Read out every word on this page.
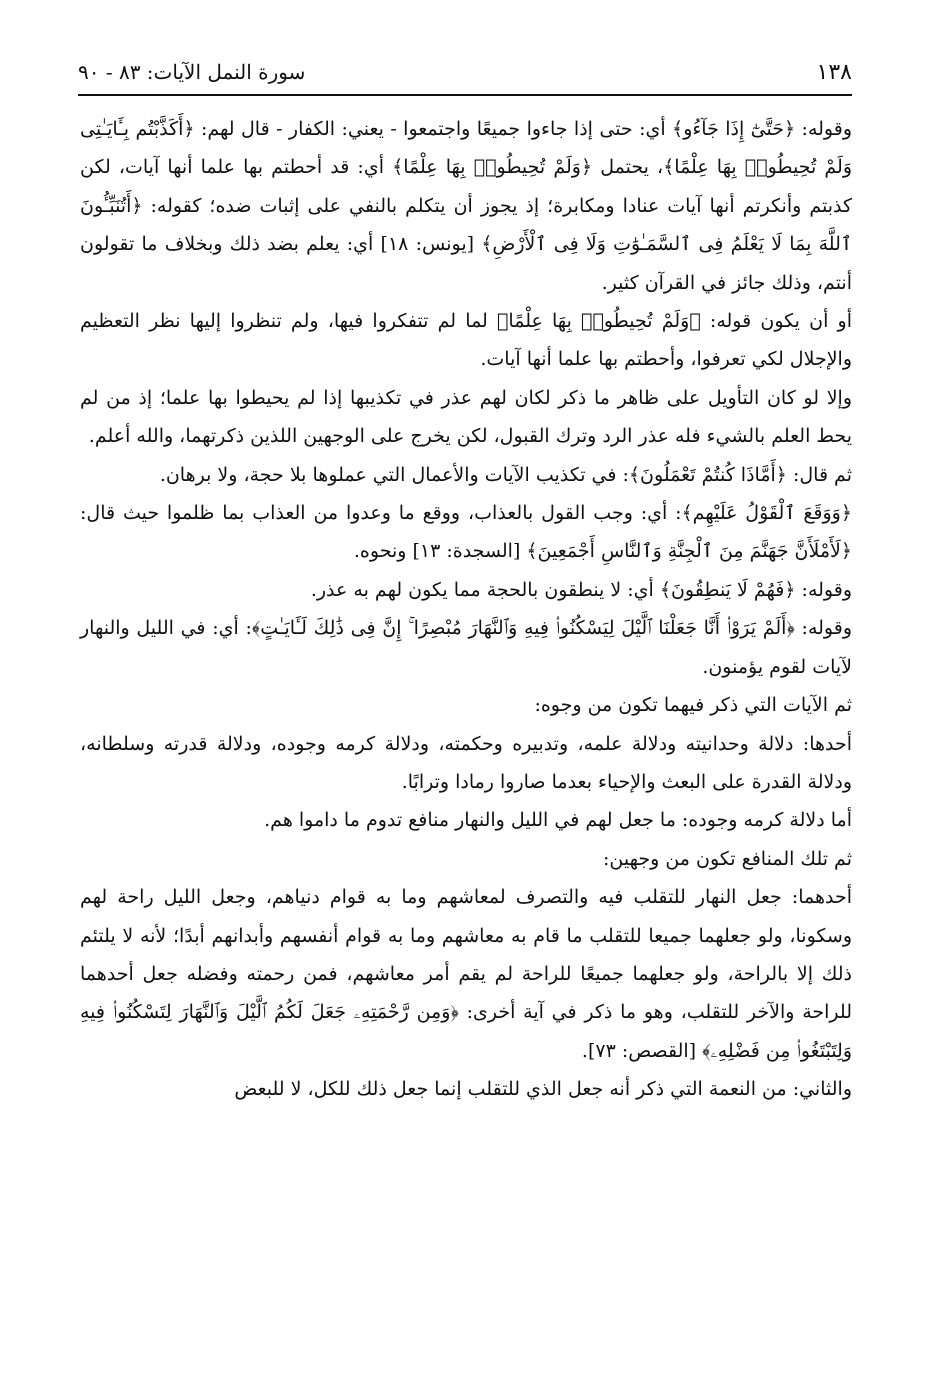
١٣٨
سورة النمل الآيات: ٨٣ - ٩٠

وقوله: ﴿حَتَّىٰٓ إِذَا جَآءُو﴾ أي: حتى إذا جاءوا جميعًا واجتمعوا - يعني: الكفار - قال لهم: ﴿أَكَذَّبْتُم بِـَٔايَـٰتِى وَلَمْ تُحِيطُوا۟ بِهَا عِلْمًا﴾، يحتمل ﴿وَلَمْ تُحِيطُوا۟ بِهَا عِلْمًا﴾ أي: قد أحطتم بها علما أنها آيات، لكن كذبتم وأنكرتم أنها آيات عنادا ومكابرة؛ إذ يجوز أن يتكلم بالنفي على إثبات ضده؛ كقوله: ﴿أَتُنَبِّـُٔونَ ٱللَّهَ بِمَا لَا يَعْلَمُ فِى ٱلسَّمَـٰوَٰتِ وَلَا فِى ٱلْأَرْضِ﴾ [يونس: ١٨] أي: يعلم بضد ذلك وبخلاف ما تقولون أنتم، وذلك جائز في القرآن كثير.

أو أن يكون قوله: ﴿وَلَمْ تُحِيطُوا۟ بِهَا عِلْمًا﴾ لما لم تتفكروا فيها، ولم تنظروا إليها نظر التعظيم والإجلال لكي تعرفوا، وأحطتم بها علما أنها آيات.

وإلا لو كان التأويل على ظاهر ما ذكر لكان لهم عذر في تكذيبها إذا لم يحيطوا بها علما؛ إذ من لم يحط العلم بالشيء فله عذر الرد وترك القبول، لكن يخرج على الوجهين اللذين ذكرتهما، والله أعلم.

ثم قال: ﴿أَمَّاذَا كُنتُمْ تَعْمَلُونَ﴾: في تكذيب الآيات والأعمال التي عملوها بلا حجة، ولا برهان.

﴿وَوَقَعَ ٱلْقَوْلُ عَلَيْهِم﴾: أي: وجب القول بالعذاب، ووقع ما وعدوا من العذاب بما ظلموا حيث قال: ﴿لَأَمْلَأَنَّ جَهَنَّمَ مِنَ ٱلْجِنَّةِ وَٱلنَّاسِ أَجْمَعِينَ﴾ [السجدة: ١٣] ونحوه.

وقوله: ﴿فَهُمْ لَا يَنطِقُونَ﴾ أي: لا ينطقون بالحجة مما يكون لهم به عذر.

وقوله: ﴿أَلَمْ يَرَوْا۟ أَنَّا جَعَلْنَا ٱلَّيْلَ لِيَسْكُنُوا۟ فِيهِ وَٱلنَّهَارَ مُبْصِرًا ۚ إِنَّ فِى ذَٰلِكَ لَـَٔايَـٰتٍ﴾: أي: في الليل والنهار لآيات لقوم يؤمنون.

ثم الآيات التي ذكر فيهما تكون من وجوه:

أحدها: دلالة وحدانيته ودلالة علمه، وتدبيره وحكمته، ودلالة كرمه وجوده، ودلالة قدرته وسلطانه، ودلالة القدرة على البعث والإحياء بعدما صاروا رمادا وترابًا.

أما دلالة كرمه وجوده: ما جعل لهم في الليل والنهار منافع تدوم ما داموا هم.

ثم تلك المنافع تكون من وجهين:

أحدهما: جعل النهار للتقلب فيه والتصرف لمعاشهم وما به قوام دنياهم، وجعل الليل راحة لهم وسكونا، ولو جعلهما جميعا للتقلب ما قام به معاشهم وما به قوام أنفسهم وأبدانهم أبدًا؛ لأنه لا يلتئم ذلك إلا بالراحة، ولو جعلهما جميعًا للراحة لم يقم أمر معاشهم، فمن رحمته وفضله جعل أحدهما للراحة والآخر للتقلب، وهو ما ذكر في آية أخرى: ﴿وَمِن رَّحْمَتِهِۦ جَعَلَ لَكُمُ ٱلَّيْلَ وَٱلنَّهَارَ لِتَسْكُنُوا۟ فِيهِ وَلِتَبْتَغُوا۟ مِن فَضْلِهِۦ﴾ [القصص: ٧٣].

والثاني: من النعمة التي ذكر أنه جعل الذي للتقلب إنما جعل ذلك للكل، لا للبعض
